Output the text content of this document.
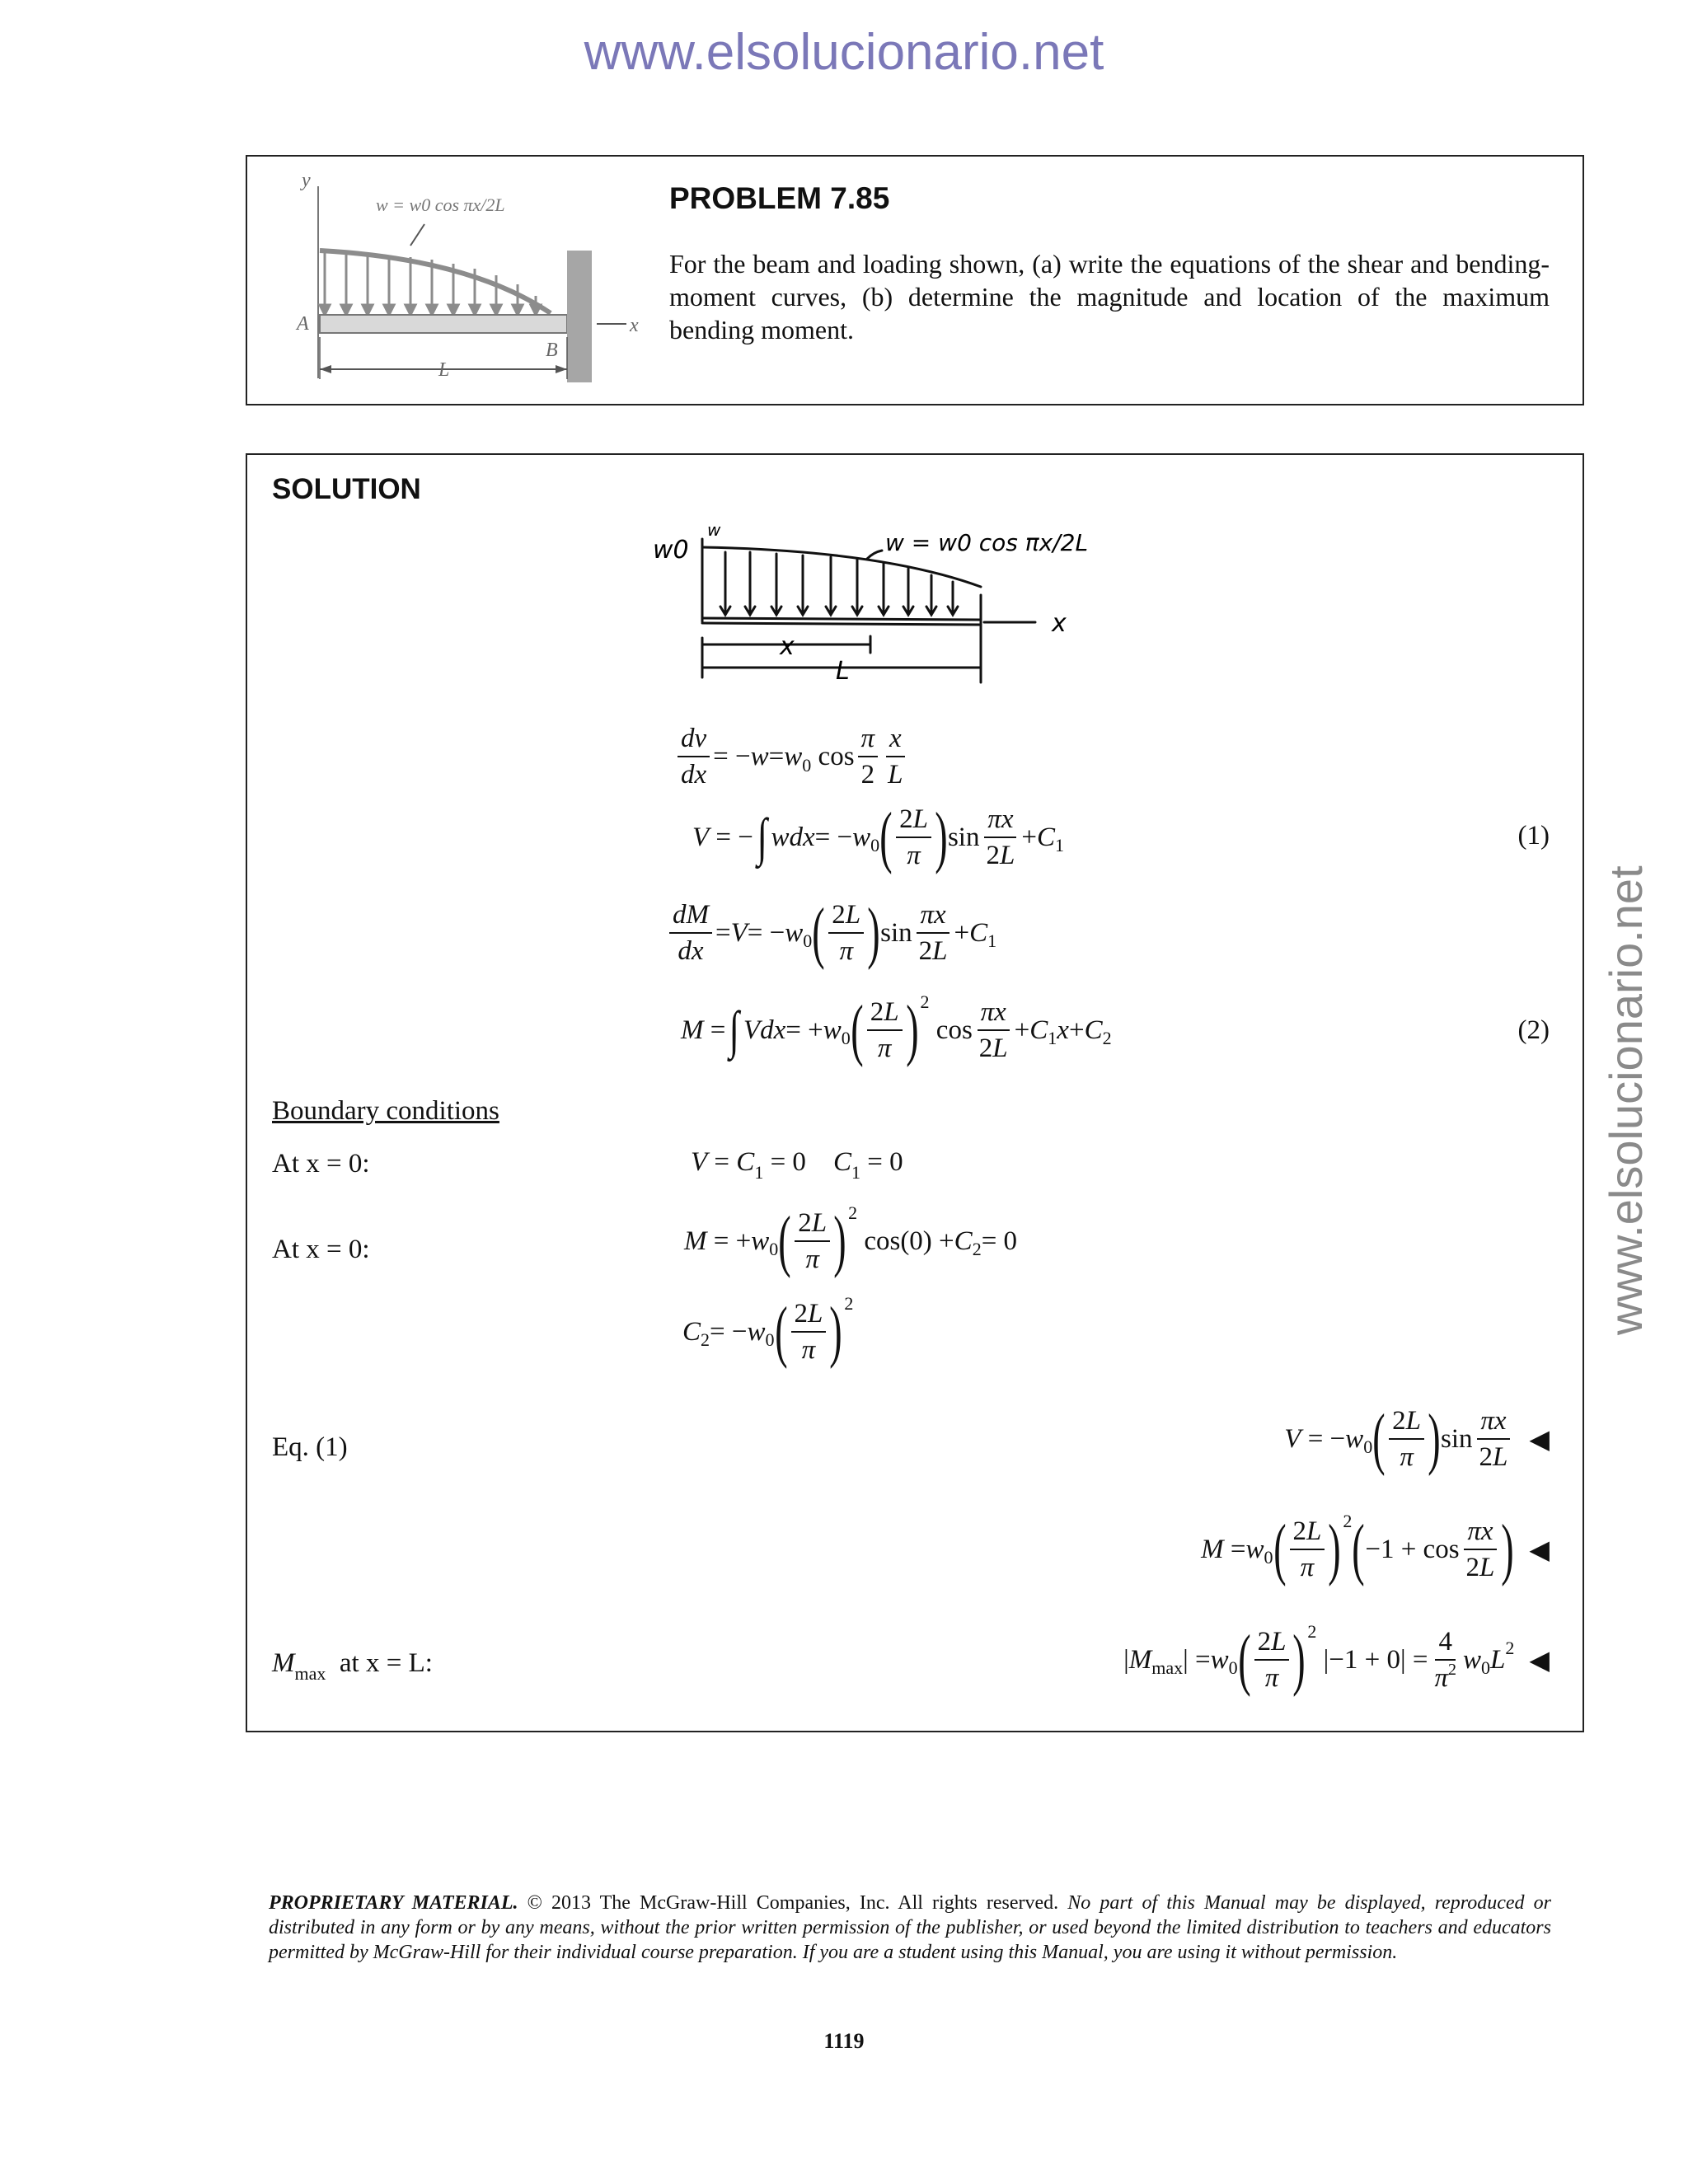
www.elsolucionario.net
www.elsolucionario.net
y
x
A
B
L
w = w0 cos πx/2L	PROBLEM 7.85
For the beam and loading shown, (a) write the equations of the shear and bending-moment curves, (b) determine the magnitude and location of the maximum bending moment.
SOLUTION
w0
w	w = w0 cos πx/2L
x
x
L
$\frac{dv}{dx}$ = − w = w 0 $\cos \frac{\pi}{2} \frac{x}{L}$
V = − ∫ wdx = − w 0 ( $\frac{2L}{\pi}$ ) $\sin \frac{\pi x}{2L} + C$ 1	(1)
$\frac{dM}{dx} = V$ = − w 0 ( $\frac{2L}{\pi}$ ) $\sin \frac{\pi x}{2L} + C$ 1
M = ∫ Vdx = + w 0 ( $\frac{2L}{\pi}$ ) 2
$\cos \frac{\pi x}{2L} + C$ 1 x + C 2	(2)
Boundary conditions
At x = 0:	$V = C_1 = 0$    $C_1 = 0$
At x = 0:	M = + w 0 ( $\frac{2L}{\pi}$ ) 2
cos(0) + C 2 = 0
C 2 = − w 0 ( $\frac{2L}{\pi}$ ) 2
Eq. (1)	V = − w 0 ( $\frac{2L}{\pi}$ ) $\sin \frac{\pi x}{2L}$ ◀
M = w 0 ( $\frac{2L}{\pi}$ ) 2 ( $-1 + \cos \frac{\pi x}{2L}$ ) ◀
$M_{max}$ at x = L:	| M max | = w 0 ( $\frac{2L}{\pi}$ ) 2
$|-1 + 0| = \frac{4}{\pi^2}$ w 0 L 2 ◀
PROPRIETARY MATERIAL. © 2013 The McGraw-Hill Companies, Inc. All rights reserved. No part of this Manual may be displayed, reproduced or distributed in any form or by any means, without the prior written permission of the publisher, or used beyond the limited distribution to teachers and educators permitted by McGraw-Hill for their individual course preparation. If you are a student using this Manual, you are using it without permission.
1119
